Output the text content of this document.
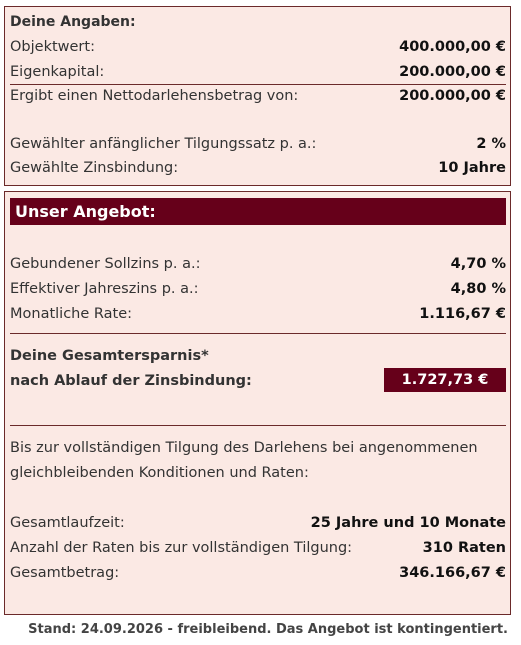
Deine Angaben:
Objektwert:	400.000,00 €
Eigenkapital:	200.000,00 €
Ergibt einen Nettodarlehensbetrag von:	200.000,00 €
Gewählter anfänglicher Tilgungssatz p. a.:	2 %
Gewählte Zinsbindung:	10 Jahre
Unser Angebot:
Gebundener Sollzins p. a.:	4,70 %
Effektiver Jahreszins p. a.:	4,80 %
Monatliche Rate:	1.116,67 €
Deine Gesamtersparnis*
nach Ablauf der Zinsbindung:	1.727,73 €
Bis zur vollständigen Tilgung des Darlehens bei angenommenen gleichbleibenden Konditionen und Raten:
Gesamtlaufzeit:	25 Jahre und 10 Monate
Anzahl der Raten bis zur vollständigen Tilgung:	310 Raten
Gesamtbetrag:	346.166,67 €
Stand: 24.09.2026 - freibleibend. Das Angebot ist kontingentiert.
